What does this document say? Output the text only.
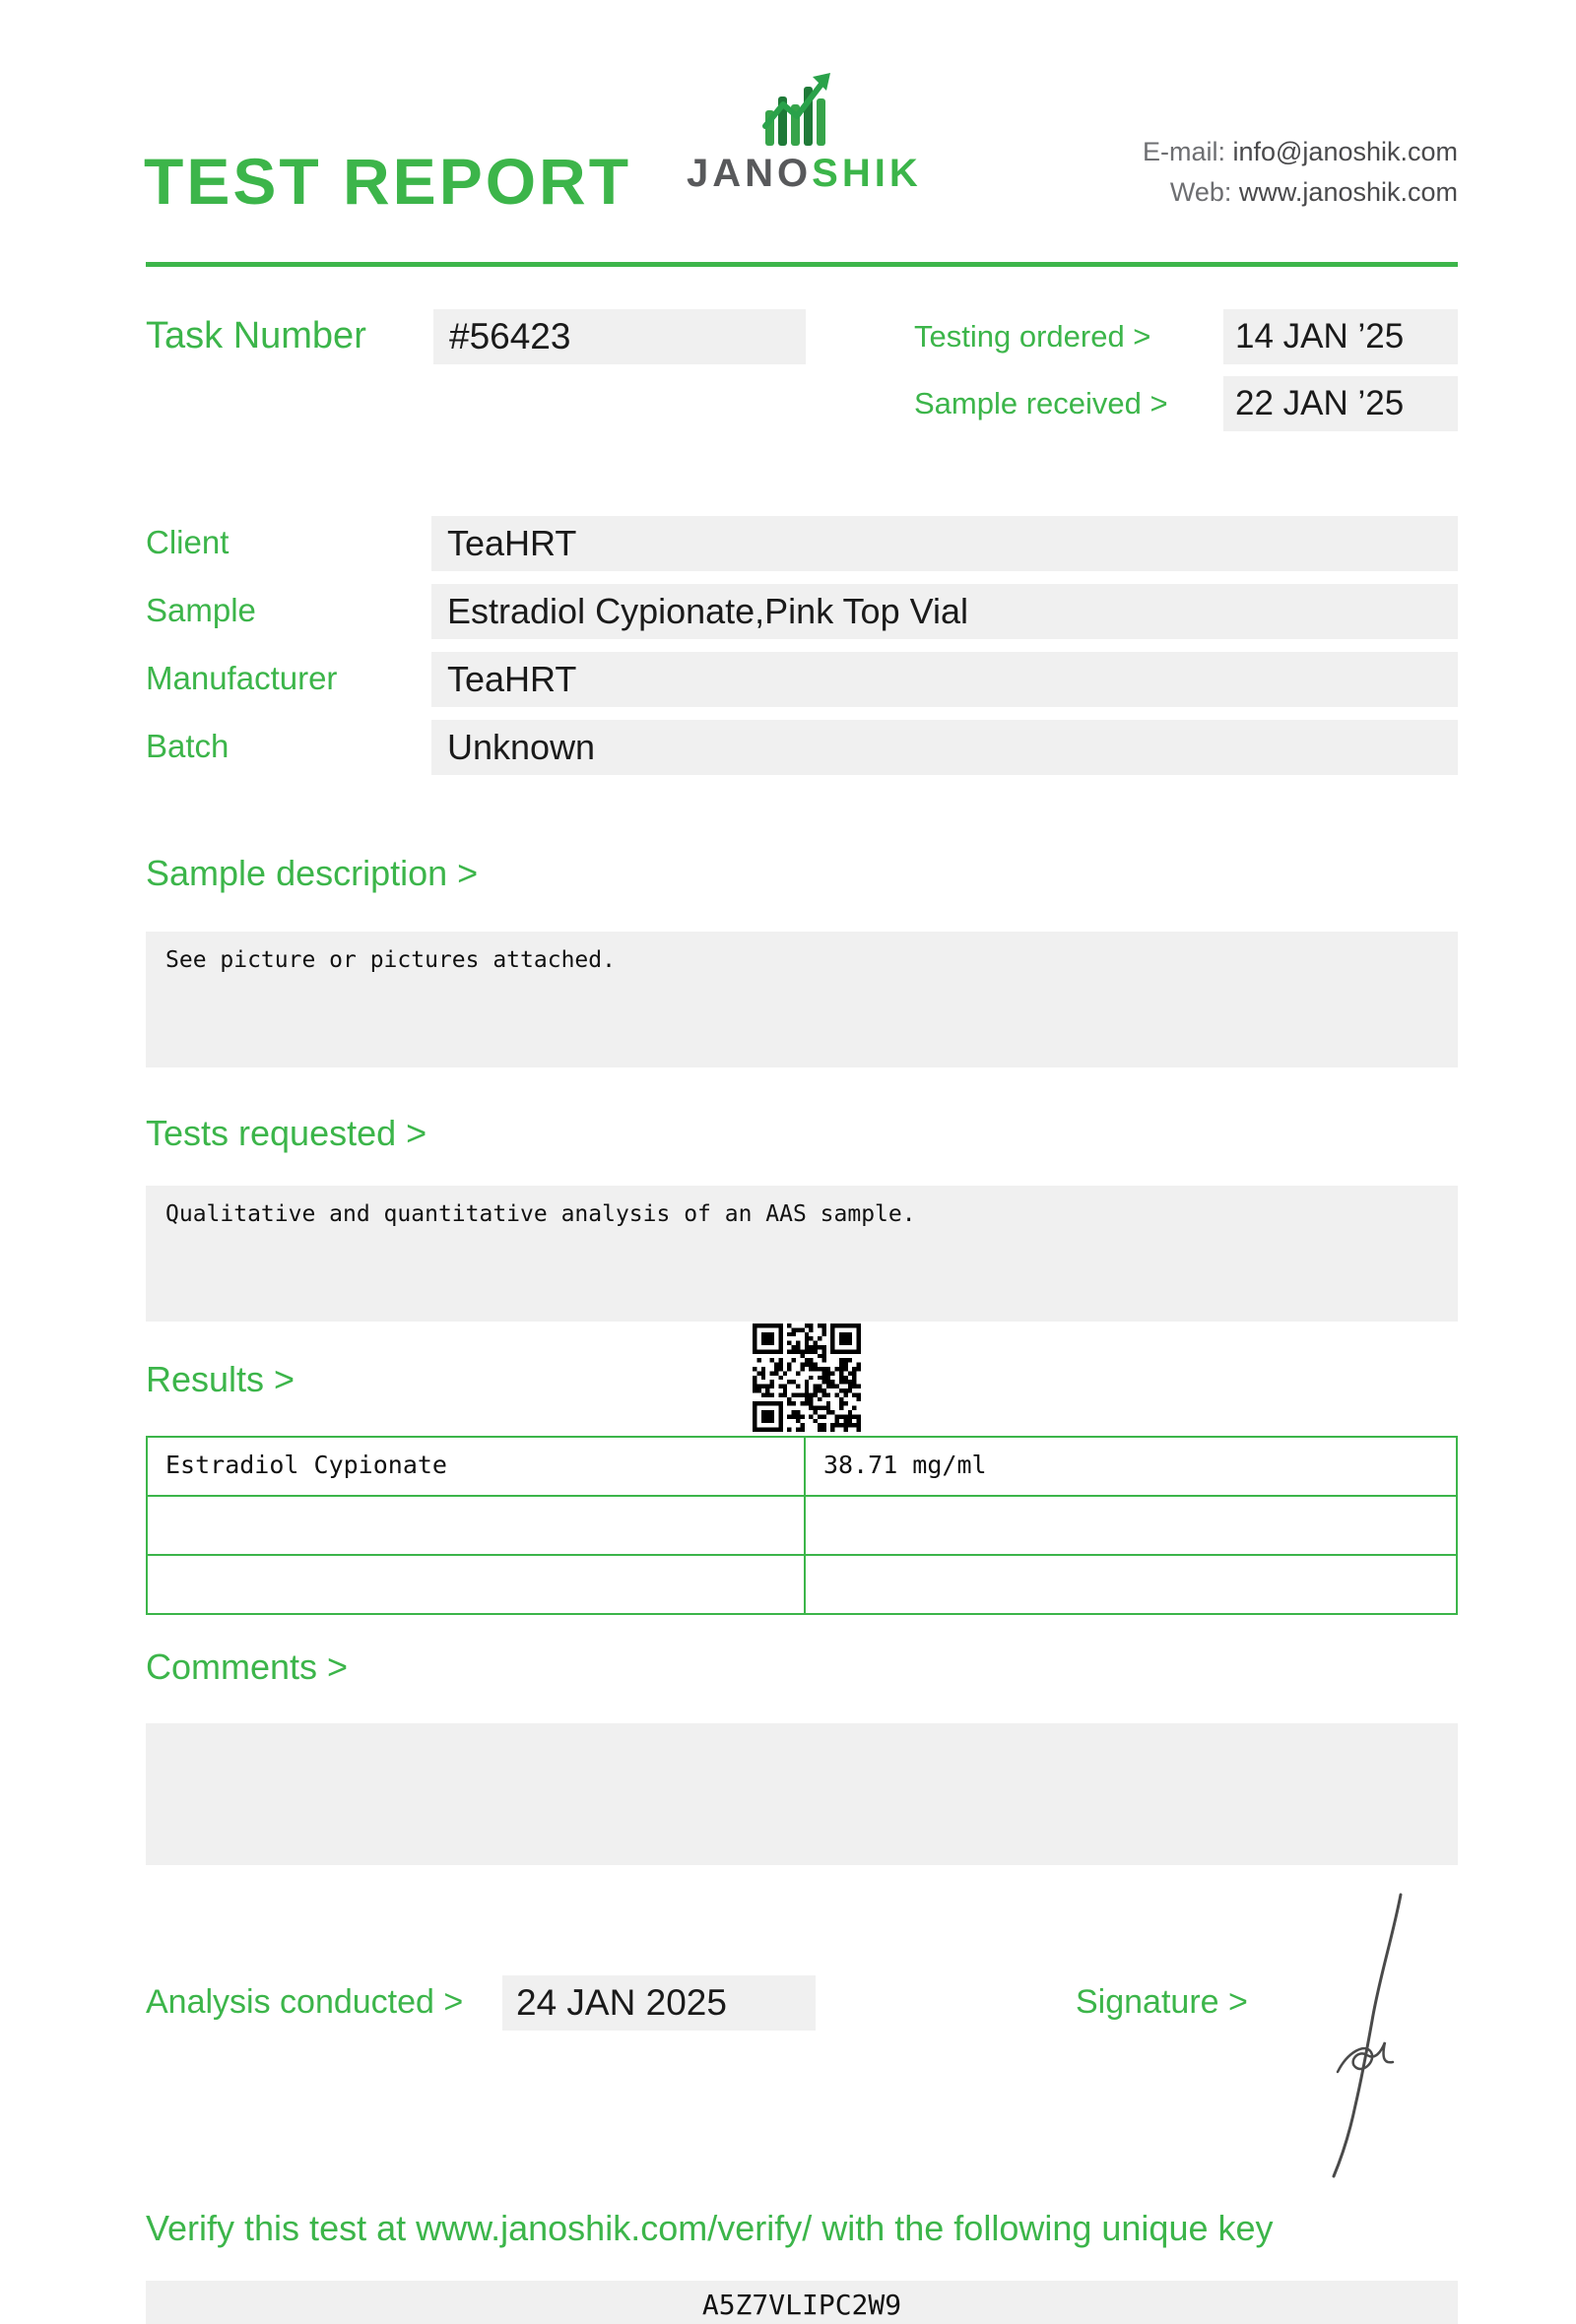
TEST REPORT JANOSHIK	E-mail: info@janoshik.com
Web: www.janoshik.com
Task Number	#56423	Testing ordered >	14 JAN ’25
Sample received >	22 JAN ’25
Client	TeaHRT
Sample	Estradiol Cypionate,Pink Top Vial
Manufacturer	TeaHRT
Batch	Unknown
Sample description >
See picture or pictures attached.
Tests requested >
Qualitative and quantitative analysis of an AAS sample.
Results >
Estradiol Cypionate	38.71 mg/ml
Comments >
Analysis conducted >	24 JAN 2025	Signature >
Verify this test at www.janoshik.com/verify/ with the following unique key
A5Z7VLIPC2W9
